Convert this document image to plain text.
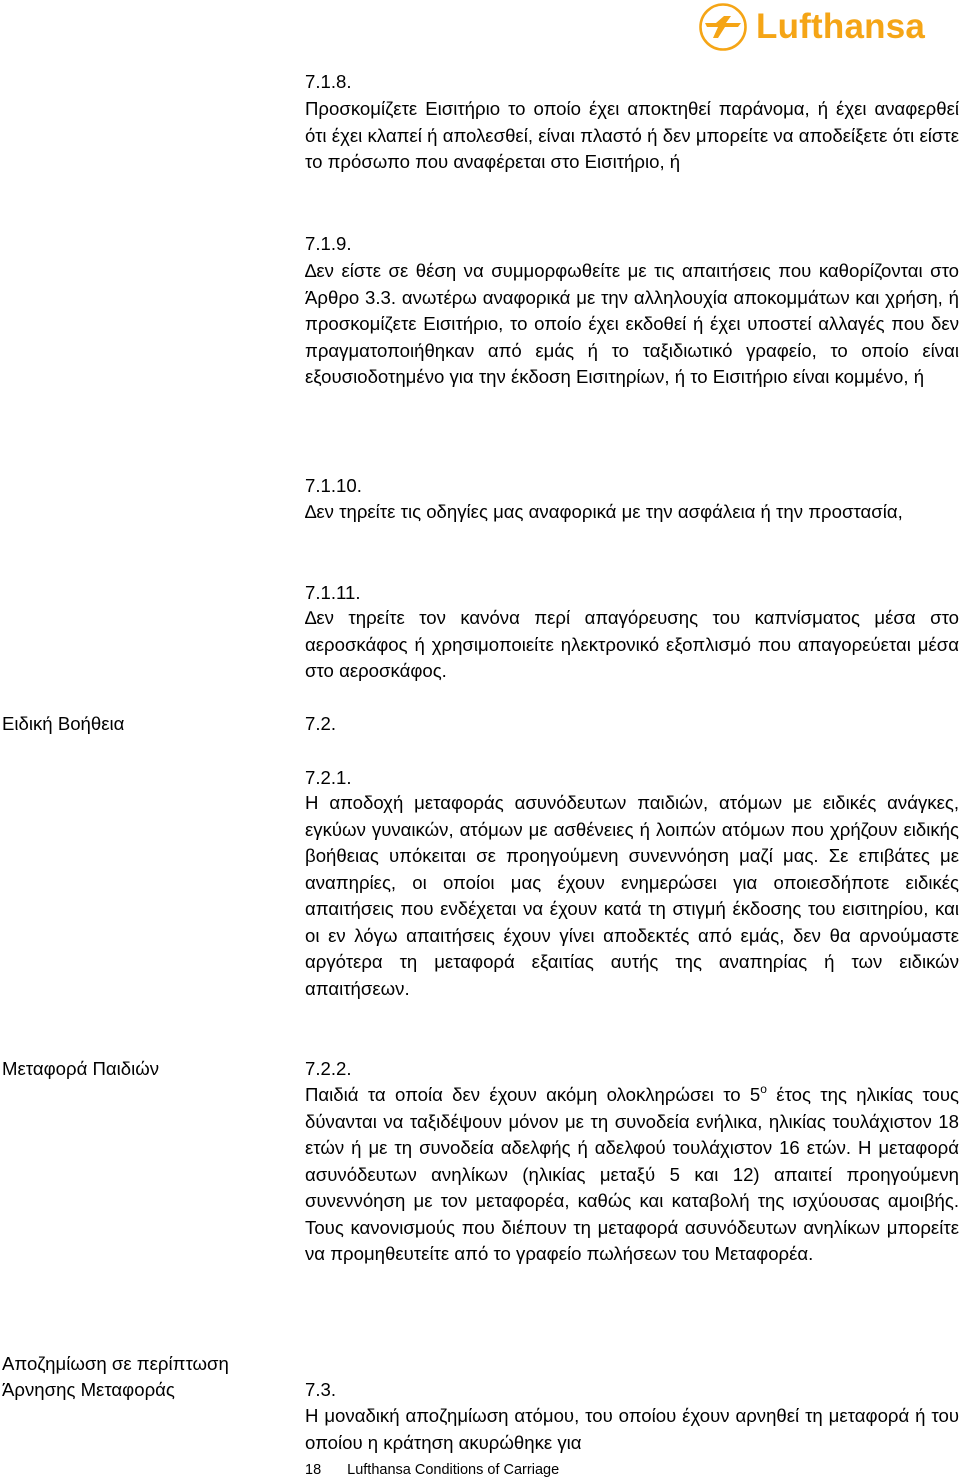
Lufthansa
7.1.8.
Προσκομίζετε Εισιτήριο το οποίο έχει αποκτηθεί παράνομα, ή έχει αναφερθεί ότι έχει κλαπεί ή απολεσθεί, είναι πλαστό ή δεν μπορείτε να αποδείξετε ότι είστε το πρόσωπο που αναφέρεται στο Εισιτήριο, ή
7.1.9.
∆εν είστε σε θέση να συμμορφωθείτε με τις απαιτήσεις που καθορίζονται στο Άρθρο 3.3. ανωτέρω αναφορικά με την αλληλουχία αποκομμάτων και χρήση, ή προσκομίζετε Εισιτήριο, το οποίο έχει εκδοθεί ή έχει υποστεί αλλαγές που δεν πραγματοποιήθηκαν από εμάς ή το ταξιδιωτικό γραφείο, το οποίο είναι εξουσιοδοτημένο για την έκδοση Εισιτηρίων, ή το Εισιτήριο είναι κομμένο, ή
7.1.10.
∆εν τηρείτε τις οδηγίες μας αναφορικά με την ασφάλεια ή την προστασία,
7.1.11.
∆εν τηρείτε τον κανόνα περί απαγόρευσης του καπνίσματος μέσα στο αεροσκάφος ή χρησιμοποιείτε ηλεκτρονικό εξοπλισμό που απαγορεύεται μέσα στο αεροσκάφος.
Ειδική Βοήθεια	7.2.
7.2.1.
Η αποδοχή μεταφοράς ασυνόδευτων παιδιών, ατόμων με ειδικές ανάγκες, εγκύων γυναικών, ατόμων με ασθένειες ή λοιπών ατόμων που χρήζουν ειδικής βοήθειας υπόκειται σε προηγούμενη συνεννόηση μαζί μας. Σε επιβάτες με αναπηρίες, οι οποίοι μας έχουν ενημερώσει για οποιεσδήποτε ειδικές απαιτήσεις που ενδέχεται να έχουν κατά τη στιγμή έκδοσης του εισιτηρίου, και οι εν λόγω απαιτήσεις έχουν γίνει αποδεκτές από εμάς, δεν θα αρνούμαστε αργότερα τη μεταφορά εξαιτίας αυτής της αναπηρίας ή των ειδικών απαιτήσεων.
Μεταφορά Παιδιών	7.2.2.
Παιδιά τα οποία δεν έχουν ακόμη ολοκληρώσει το $5^o$ έτος της ηλικίας τους δύνανται να ταξιδέψουν μόνον με τη συνοδεία ενήλικα, ηλικίας τουλάχιστον 18 ετών ή με τη συνοδεία αδελφής ή αδελφού τουλάχιστον 16 ετών. Η μεταφορά ασυνόδευτων ανηλίκων (ηλικίας μεταξύ 5 και 12) απαιτεί προηγούμενη συνεννόηση με τον μεταφορέα, καθώς και καταβολή της ισχύουσας αμοιβής. Τους κανονισμούς που διέπουν τη μεταφορά ασυνόδευτων ανηλίκων μπορείτε να προμηθευτείτε από το γραφείο πωλήσεων του Μεταφορέα.
Αποζημίωση σε περίπτωση
Άρνησης Μεταφοράς	7.3.
Η μοναδική αποζημίωση ατόμου, του οποίου έχουν αρνηθεί τη μεταφορά ή του οποίου η κράτηση ακυρώθηκε για
18 Lufthansa Conditions of Carriage
